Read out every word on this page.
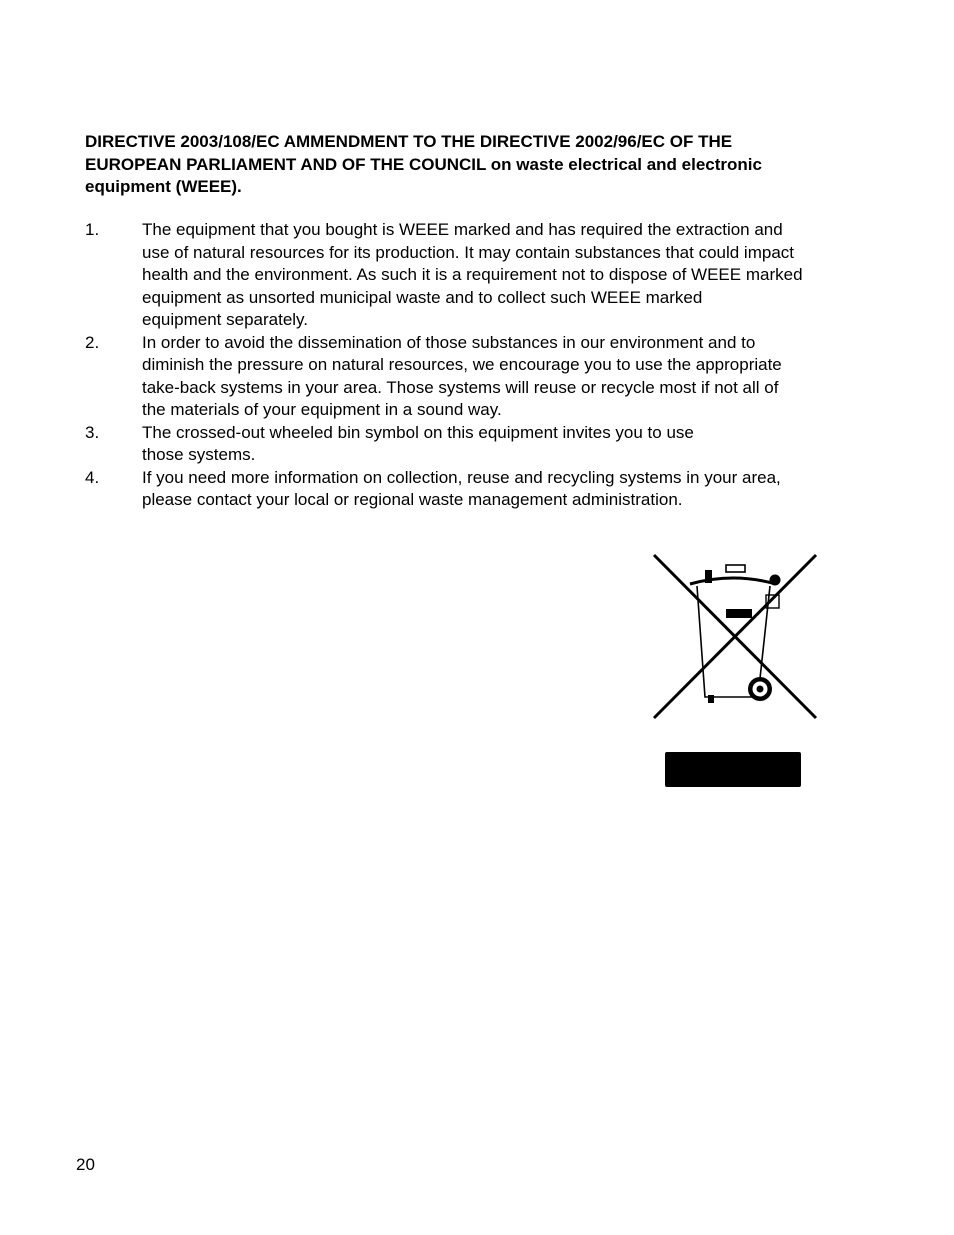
DIRECTIVE 2003/108/EC AMMENDMENT TO THE DIRECTIVE 2002/96/EC OF THE
EUROPEAN PARLIAMENT AND OF THE COUNCIL on waste electrical and electronic
equipment (WEEE).
1.	The equipment that you bought is WEEE marked and has required the extraction and
use of natural resources for its production. It may contain substances that could impact
health and the environment. As such it is a requirement not to dispose of WEEE marked
equipment as unsorted municipal waste and to collect such WEEE marked
equipment separately.
2.	In order to avoid the dissemination of those substances in our environment and to
diminish the pressure on natural resources, we encourage you to use the appropriate
take-back systems in your area. Those systems will reuse or recycle most if not all of
the materials of your equipment in a sound way.
3.	The crossed-out wheeled bin symbol on this equipment invites you to use
those systems.
4.	If you need more information on collection, reuse and recycling systems in your area,
please contact your local or regional waste management administration.
20
